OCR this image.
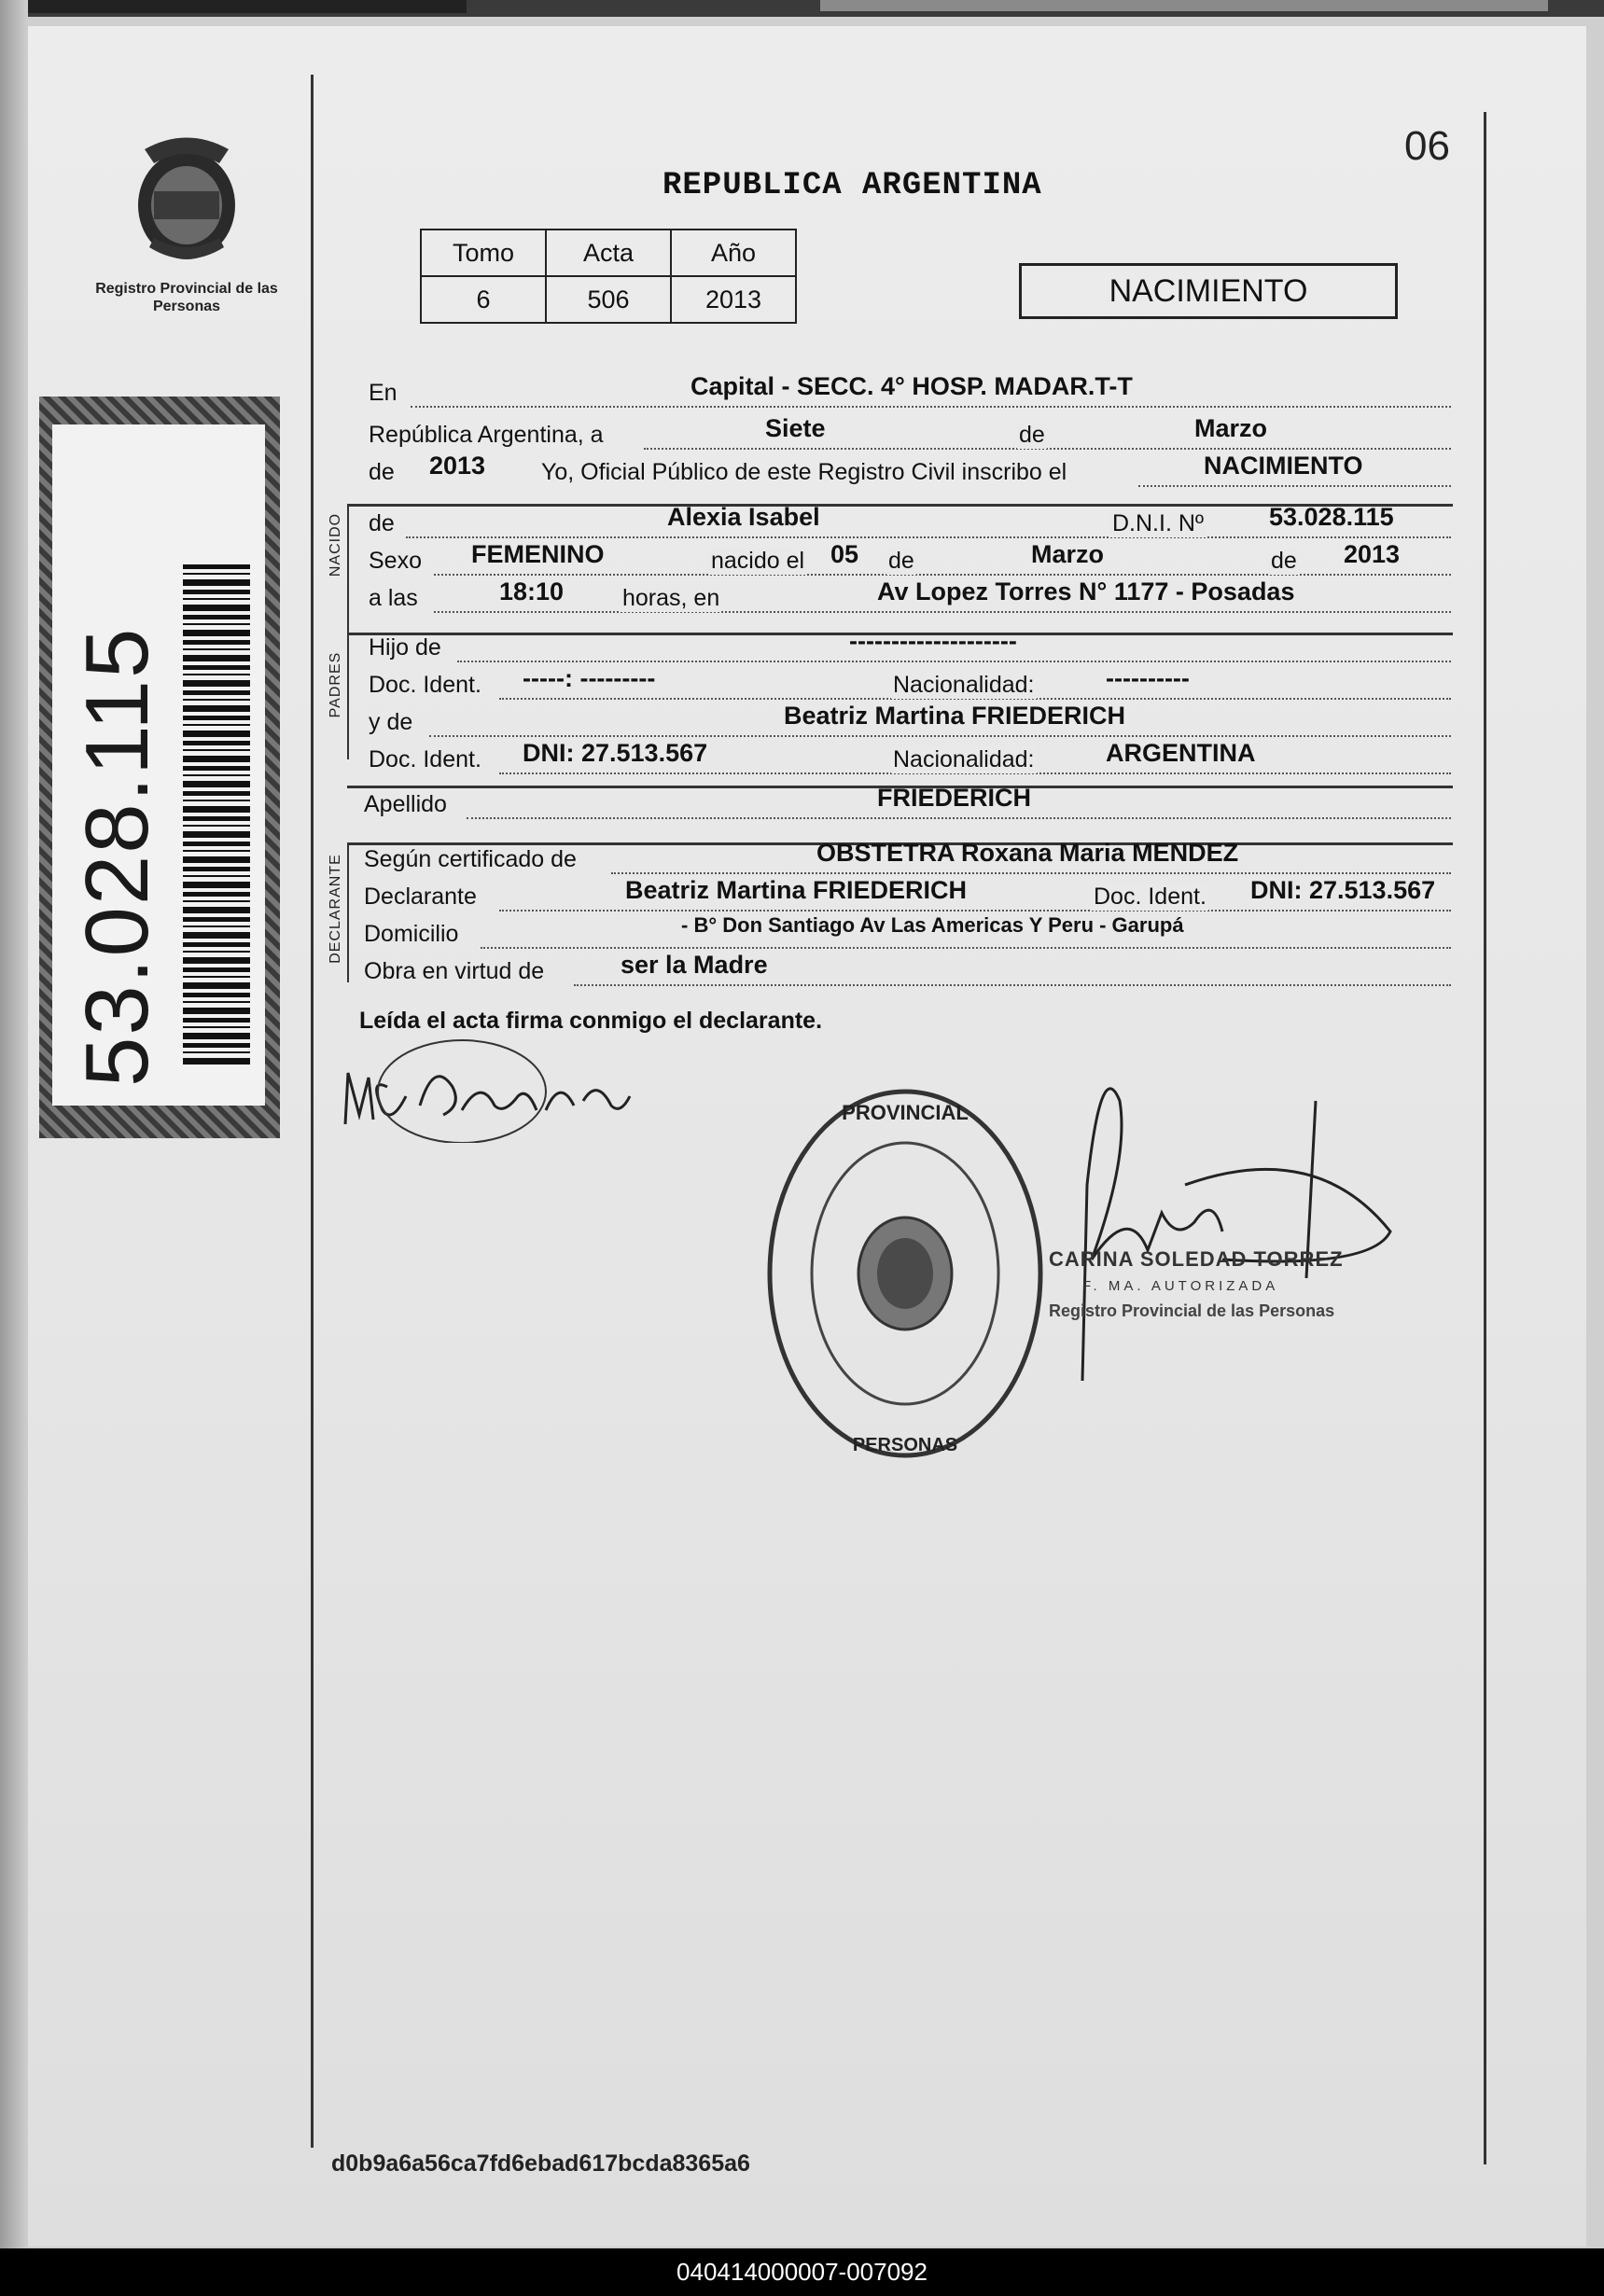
Registro Provincial de las Personas
53.028.115
06
REPUBLICA ARGENTINA
Tomo	Acta	Año
6	506	2013	NACIMIENTO
En	Capital - SECC. 4° HOSP. MADAR.T-T
República Argentina, a	Siete	de	Marzo
de 2013 Yo, Oficial Público de este Registro Civil inscribo el	NACIMIENTO
de	Alexia Isabel	D.N.I. Nº	53.028.115
Sexo FEMENINO	nacido el 05 de	Marzo	de 2013
a las	18:10	horas, en	Av Lopez Torres N° 1177 - Posadas
Hijo de	--------------------
Doc. Ident. -----: ---------	Nacionalidad:	----------
y de	Beatriz Martina FRIEDERICH
Doc. Ident. DNI: 27.513.567	Nacionalidad:	ARGENTINA
Apellido	FRIEDERICH
Según certificado de	OBSTETRA Roxana Maria MENDEZ
Declarante	Beatriz Martina FRIEDERICH	Doc. Ident. DNI: 27.513.567
Domicilio	- B° Don Santiago Av Las Americas Y Peru - Garupá
Obra en virtud de	ser la Madre
NACIDO
PADRES
DECLARANTE
Leída el acta firma conmigo el declarante.
PROVINCIAL
PERSONAS
CARINA SOLEDAD TORREZ
F. MA. AUTORIZADA
Registro Provincial de las Personas
d0b9a6a56ca7fd6ebad617bcda8365a6
040414000007-007092
